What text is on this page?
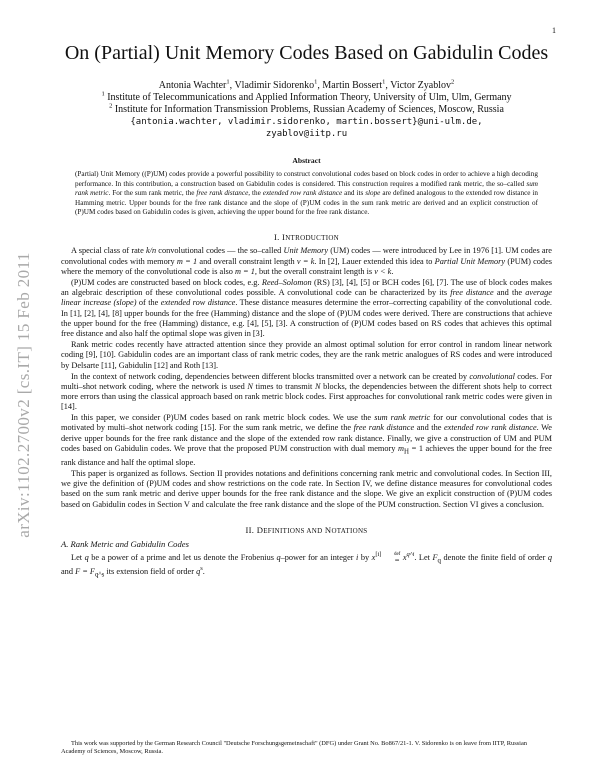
1
arXiv:1102.2700v2 [cs.IT] 15 Feb 2011
On (Partial) Unit Memory Codes Based on Gabidulin Codes
Antonia Wachter$^1$, Vladimir Sidorenko$^1$, Martin Bossert$^1$, Victor Zyablov$^2$
$^1$ Institute of Telecommunications and Applied Information Theory, University of Ulm, Ulm, Germany
$^2$ Institute for Information Transmission Problems, Russian Academy of Sciences, Moscow, Russia
{antonia.wachter, vladimir.sidorenko, martin.bossert}@uni-ulm.de,
zyablov@iitp.ru
Abstract

(Partial) Unit Memory ((P)UM) codes provide a powerful possibility to construct convolutional codes based on block codes in order to achieve a high decoding performance. In this contribution, a construction based on Gabidulin codes is considered. This construction requires a modified rank metric, the so–called sum rank metric. For the sum rank metric, the free rank distance, the extended row rank distance and its slope are defined analogous to the extended row distance in Hamming metric. Upper bounds for the free rank distance and the slope of (P)UM codes in the sum rank metric are derived and an explicit construction of (P)UM codes based on Gabidulin codes is given, achieving the upper bound for the free rank distance.

I. INTRODUCTION

A special class of rate k/n convolutional codes — the so–called Unit Memory (UM) codes — were introduced by Lee in 1976 [1]. UM codes are convolutional codes with memory m = 1 and overall constraint length ν = k. In [2], Lauer extended this idea to Partial Unit Memory (PUM) codes where the memory of the convolutional code is also m = 1, but the overall constraint length is ν < k.

(P)UM codes are constructed based on block codes, e.g. Reed–Solomon (RS) [3], [4], [5] or BCH codes [6], [7]. The use of block codes makes an algebraic description of these convolutional codes possible. A convolutional code can be characterized by its free distance and the average linear increase (slope) of the extended row distance. These distance measures determine the error–correcting capability of the convolutional code. In [1], [2], [4], [8] upper bounds for the free (Hamming) distance and the slope of (P)UM codes were derived. There are constructions that achieve the upper bound for the free (Hamming) distance, e.g. [4], [5], [3]. A construction of (P)UM codes based on RS codes that achieves this optimal free distance and also half the optimal slope was given in [3].

Rank metric codes recently have attracted attention since they provide an almost optimal solution for error control in random linear network coding [9], [10]. Gabidulin codes are an important class of rank metric codes, they are the rank metric analogues of RS codes and were introduced by Delsarte [11], Gabidulin [12] and Roth [13].

In the context of network coding, dependencies between different blocks transmitted over a network can be created by convolutional codes. For multi–shot network coding, where the network is used N times to transmit N blocks, the dependencies between the different shots help to correct more errors than using the classical approach based on rank metric block codes. First approaches for convolutional rank metric codes were given in [14].

In this paper, we consider (P)UM codes based on rank metric block codes. We use the sum rank metric for our convolutional codes that is motivated by multi–shot network coding [15]. For the sum rank metric, we define the free rank distance and the extended row rank distance. We derive upper bounds for the free rank distance and the slope of the extended row rank distance. Finally, we give a construction of UM and PUM codes based on Gabidulin codes. We prove that the proposed PUM construction with dual memory $m_H = 1$ achieves the upper bound for the free rank distance and half the optimal slope.

This paper is organized as follows. Section II provides notations and definitions concerning rank metric and convolutional codes. In Section III, we give the definition of (P)UM codes and show restrictions on the code rate. In Section IV, we define distance measures for convolutional codes based on the sum rank metric and derive upper bounds for the free rank distance and the slope. We give an explicit construction of (P)UM codes based on Gabidulin codes in Section V and calculate the free rank distance and the slope of the PUM construction. Section VI gives a conclusion.

II. DEFINITIONS AND NOTATIONS
A. Rank Metric and Gabidulin Codes

Let q be a power of a prime and let us denote the Frobenius q–power for an integer i by x[i]	def
= $x^{q\^{}i}$. Let $F_q$ denote the finite field of order q and $F = F_{q\^{}s}$ its extension field of order $q^s$.

This work was supported by the German Research Council "Deutsche Forschungsgemeinschaft" (DFG) under Grant No. Bo867/21-1. V. Sidorenko is on leave from IITP, Russian Academy of Sciences, Moscow, Russia.
